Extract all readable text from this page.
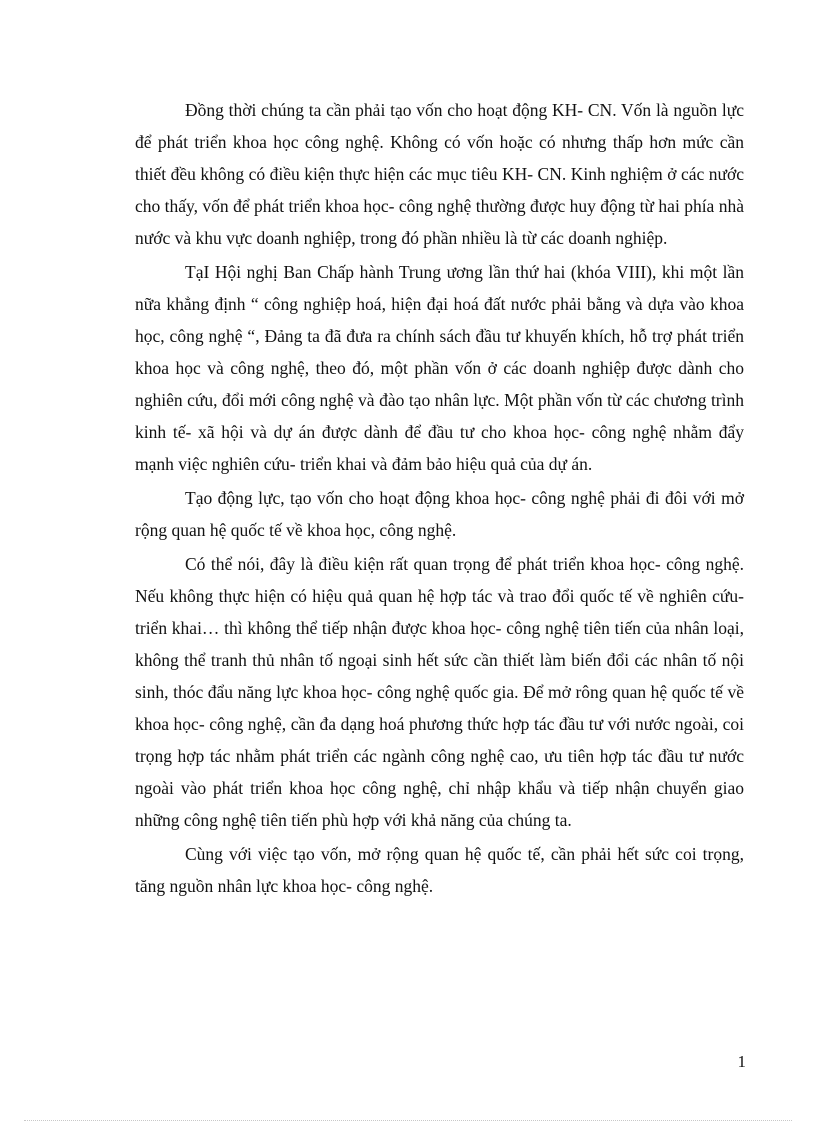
Đồng thời chúng ta cần phải tạo vốn cho hoạt động KH- CN. Vốn là nguồn lực để phát triển khoa học công nghệ. Không có vốn hoặc có nhưng thấp hơn mức cần thiết đều không có điều kiện thực hiện các mục tiêu KH- CN. Kinh nghiệm ở các nước cho thấy, vốn để phát triển khoa học- công nghệ thường được huy động từ hai phía nhà nước và khu vực doanh nghiệp, trong đó phần nhiều là từ các doanh nghiệp.

TạI Hội nghị Ban Chấp hành Trung ương lần thứ hai (khóa VIII), khi một lần nữa khẳng định “ công nghiệp hoá, hiện đại hoá đất nước phải bằng và dựa vào khoa học, công nghệ “, Đảng ta đã đưa ra chính sách đầu tư khuyến khích, hỗ trợ phát triển khoa học và công nghệ, theo đó, một phần vốn ở các doanh nghiệp được dành cho nghiên cứu, đổi mới công nghệ và đào tạo nhân lực. Một phần vốn từ các chương trình kinh tế- xã hội và dự án được dành để đầu tư cho khoa học- công nghệ nhằm đẩy mạnh việc nghiên cứu- triển khai và đảm bảo hiệu quả của dự án.

Tạo động lực, tạo vốn cho hoạt động khoa học- công nghệ phải đi đôi với mở rộng quan hệ quốc tế về khoa học, công nghệ.

Có thể nói, đây là điều kiện rất quan trọng để phát triển khoa học- công nghệ. Nếu không thực hiện có hiệu quả quan hệ hợp tác và trao đổi quốc tế về nghiên cứu- triển khai… thì không thể tiếp nhận được khoa học- công nghệ tiên tiến của nhân loại, không thể tranh thủ nhân tố ngoại sinh hết sức cần thiết làm biến đổi các nhân tố nội sinh, thóc đẩu năng lực khoa học- công nghệ quốc gia. Để mở rông quan hệ quốc tế về khoa học- công nghệ, cần đa dạng hoá phương thức hợp tác đầu tư với nước ngoài, coi trọng hợp tác nhằm phát triển các ngành công nghệ cao, ưu tiên hợp tác đầu tư nước ngoài vào phát triển khoa học công nghệ, chỉ nhập khẩu và tiếp nhận chuyển giao những công nghệ tiên tiến phù hợp với khả năng của chúng ta.

Cùng với việc tạo vốn, mở rộng quan hệ quốc tế, cần phải hết sức coi trọng, tăng nguồn nhân lực khoa học- công nghệ.

1
